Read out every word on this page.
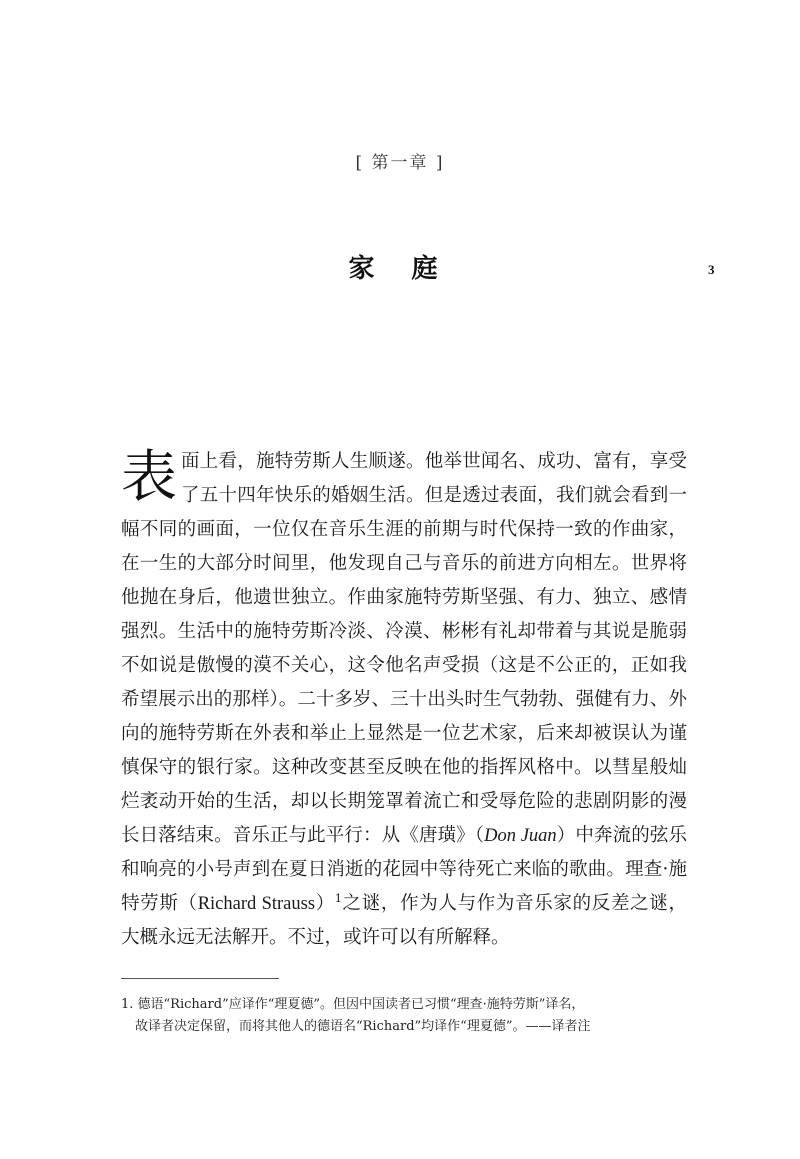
[ 第一章 ]
家 庭	3
表面上看，施特劳斯人生顺遂。他举世闻名、成功、富有，享受了五十四年快乐的婚姻生活。但是透过表面，我们就会看到一幅不同的画面，一位仅在音乐生涯的前期与时代保持一致的作曲家，在一生的大部分时间里，他发现自己与音乐的前进方向相左。世界将他抛在身后，他遗世独立。作曲家施特劳斯坚强、有力、独立、感情强烈。生活中的施特劳斯冷淡、冷漠、彬彬有礼却带着与其说是脆弱不如说是傲慢的漠不关心，这令他名声受损（这是不公正的，正如我希望展示出的那样）。二十多岁、三十出头时生气勃勃、强健有力、外向的施特劳斯在外表和举止上显然是一位艺术家，后来却被误认为谨慎保守的银行家。这种改变甚至反映在他的指挥风格中。以彗星般灿烂袤动开始的生活，却以长期笼罩着流亡和受辱危险的悲剧阴影的漫长日落结束。音乐正与此平行：从《唐璜》（Don Juan）中奔流的弦乐和响亮的小号声到在夏日消逝的花园中等待死亡来临的歌曲。理查·施特劳斯（Richard Strauss）$^1$之谜，作为人与作为音乐家的反差之谜，大概永远无法解开。不过，或许可以有所解释。
1. 德语“Richard”应译作“理夏德”。但因中国读者已习惯“理查·施特劳斯”译名，
故译者决定保留，而将其他人的德语名“Richard”均译作“理夏德”。——译者注
